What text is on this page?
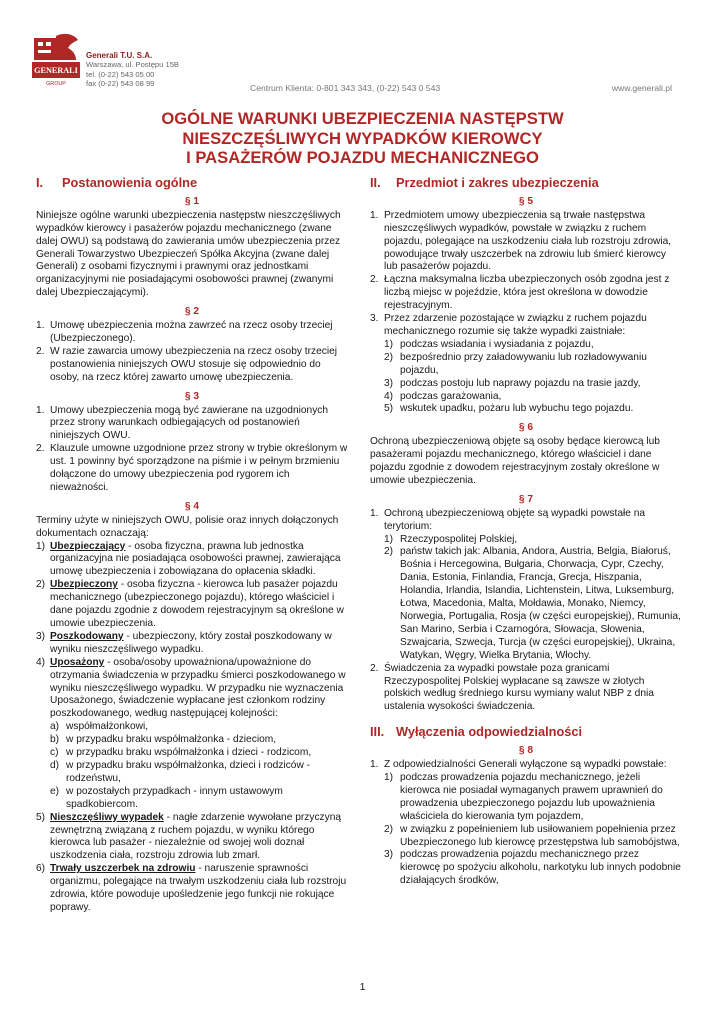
GENERALI
GROUP
Generali T.U. S.A.
Warszawa, ul. Postępu 15B
tel. (0-22) 543 05 00
fax (0-22) 543 08 99	Centrum Klienta: 0-801 343 343, (0-22) 543 0 543	www.generali.pl
OGÓLNE WARUNKI UBEZPIECZENIA NASTĘPSTW
NIESZCZĘŚLIWYCH WYPADKÓW KIEROWCY
I PASAŻERÓW POJAZDU MECHANICZNEGO
I. Postanowienia ogólne
§ 1

Niniejsze ogólne warunki ubezpieczenia następstw nieszczęśliwych wypadków kierowcy i pasażerów pojazdu mechanicznego (zwane dalej OWU) są podstawą do zawierania umów ubezpieczenia przez Generali Towarzystwo Ubezpieczeń Spółka Akcyjna (zwane dalej Generali) z osobami fizycznymi i prawnymi oraz jednostkami organizacyjnymi nie posiadającymi osobowości prawnej (zwanymi dalej Ubezpieczającymi).

§ 2
1. Umowę ubezpieczenia można zawrzeć na rzecz osoby trzeciej (Ubezpieczonego).
2. W razie zawarcia umowy ubezpieczenia na rzecz osoby trzeciej postanowienia niniejszych OWU stosuje się odpowiednio do osoby, na rzecz której zawarto umowę ubezpieczenia.
§ 3
1. Umowy ubezpieczenia mogą być zawierane na uzgodnionych przez strony warunkach odbiegających od postanowień niniejszych OWU.
2. Klauzule umowne uzgodnione przez strony w trybie określonym w ust. 1 powinny być sporządzone na piśmie i w pełnym brzmieniu dołączone do umowy ubezpieczenia pod rygorem ich nieważności.
§ 4

Terminy użyte w niniejszych OWU, polisie oraz innych dołączonych dokumentach oznaczają:

1) Ubezpieczający - osoba fizyczna, prawna lub jednostka organizacyjna nie posiadająca osobowości prawnej, zawierająca umowę ubezpieczenia i zobowiązana do opłacenia składki.
2) Ubezpieczony - osoba fizyczna - kierowca lub pasażer pojazdu mechanicznego (ubezpieczonego pojazdu), którego właściciel i dane pojazdu zgodnie z dowodem rejestracyjnym są określone w umowie ubezpieczenia.
3) Poszkodowany - ubezpieczony, który został poszkodowany w wyniku nieszczęśliwego wypadku.
4) Uposażony - osoba/osoby upoważniona/upoważnione do otrzymania świadczenia w przypadku śmierci poszkodowanego w wyniku nieszczęśliwego wypadku. W przypadku nie wyznaczenia Uposażonego, świadczenie wypłacane jest członkom rodziny poszkodowanego, według następującej kolejności:
a) współmałżonkowi,
b) w przypadku braku współmałżonka - dzieciom,
c) w przypadku braku współmałżonka i dzieci - rodzicom,
d) w przypadku braku współmałżonka, dzieci i rodziców - rodzeństwu,
e) w pozostałych przypadkach - innym ustawowym spadkobiercom.
5) Nieszczęśliwy wypadek - nagłe zdarzenie wywołane przyczyną zewnętrzną związaną z ruchem pojazdu, w wyniku którego kierowca lub pasażer - niezależnie od swojej woli doznał uszkodzenia ciała, rozstroju zdrowia lub zmarł.
6) Trwały uszczerbek na zdrowiu - naruszenie sprawności organizmu, polegające na trwałym uszkodzeniu ciała lub rozstroju zdrowia, które powoduje upośledzenie jego funkcji nie rokujące poprawy.
II. Przedmiot i zakres ubezpieczenia
§ 5
1. Przedmiotem umowy ubezpieczenia są trwałe następstwa nieszczęśliwych wypadków, powstałe w związku z ruchem pojazdu, polegające na uszkodzeniu ciała lub rozstroju zdrowia, powodujące trwały uszczerbek na zdrowiu lub śmierć kierowcy lub pasażerów pojazdu.
2. Łączna maksymalna liczba ubezpieczonych osób zgodna jest z liczbą miejsc w pojeździe, która jest określona w dowodzie rejestracyjnym.
3. Przez zdarzenie pozostające w związku z ruchem pojazdu mechanicznego rozumie się także wypadki zaistniałe:
1) podczas wsiadania i wysiadania z pojazdu,
2) bezpośrednio przy załadowywaniu lub rozładowywaniu pojazdu,
3) podczas postoju lub naprawy pojazdu na trasie jazdy,
4) podczas garażowania,
5) wskutek upadku, pożaru lub wybuchu tego pojazdu.
§ 6

Ochroną ubezpieczeniową objęte są osoby będące kierowcą lub pasażerami pojazdu mechanicznego, którego właściciel i dane pojazdu zgodnie z dowodem rejestracyjnym zostały określone w umowie ubezpieczenia.

§ 7
1. Ochroną ubezpieczeniową objęte są wypadki powstałe na terytorium:
1) Rzeczypospolitej Polskiej,
2) państw takich jak: Albania, Andora, Austria, Belgia, Białoruś, Bośnia i Hercegowina, Bułgaria, Chorwacja, Cypr, Czechy, Dania, Estonia, Finlandia, Francja, Grecja, Hiszpania, Holandia, Irlandia, Islandia, Lichtenstein, Litwa, Luksemburg, Łotwa, Macedonia, Malta, Mołdawia, Monako, Niemcy, Norwegia, Portugalia, Rosja (w części europejskiej), Rumunia, San Marino, Serbia i Czarnogóra, Słowacja, Słowenia, Szwajcaria, Szwecja, Turcja (w części europejskiej), Ukraina, Watykan, Węgry, Wielka Brytania, Włochy.
2. Świadczenia za wypadki powstałe poza granicami Rzeczypospolitej Polskiej wypłacane są zawsze w złotych polskich według średniego kursu wymiany walut NBP z dnia ustalenia wysokości świadczenia.
III. Wyłączenia odpowiedzialności
§ 8
1. Z odpowiedzialności Generali wyłączone są wypadki powstałe:
1) podczas prowadzenia pojazdu mechanicznego, jeżeli kierowca nie posiadał wymaganych prawem uprawnień do prowadzenia ubezpieczonego pojazdu lub upoważnienia właściciela do kierowania tym pojazdem,
2) w związku z popełnieniem lub usiłowaniem popełnienia przez Ubezpieczonego lub kierowcę przestępstwa lub samobójstwa,
3) podczas prowadzenia pojazdu mechanicznego przez kierowcę po spożyciu alkoholu, narkotyku lub innych podobnie działających środków,
1
